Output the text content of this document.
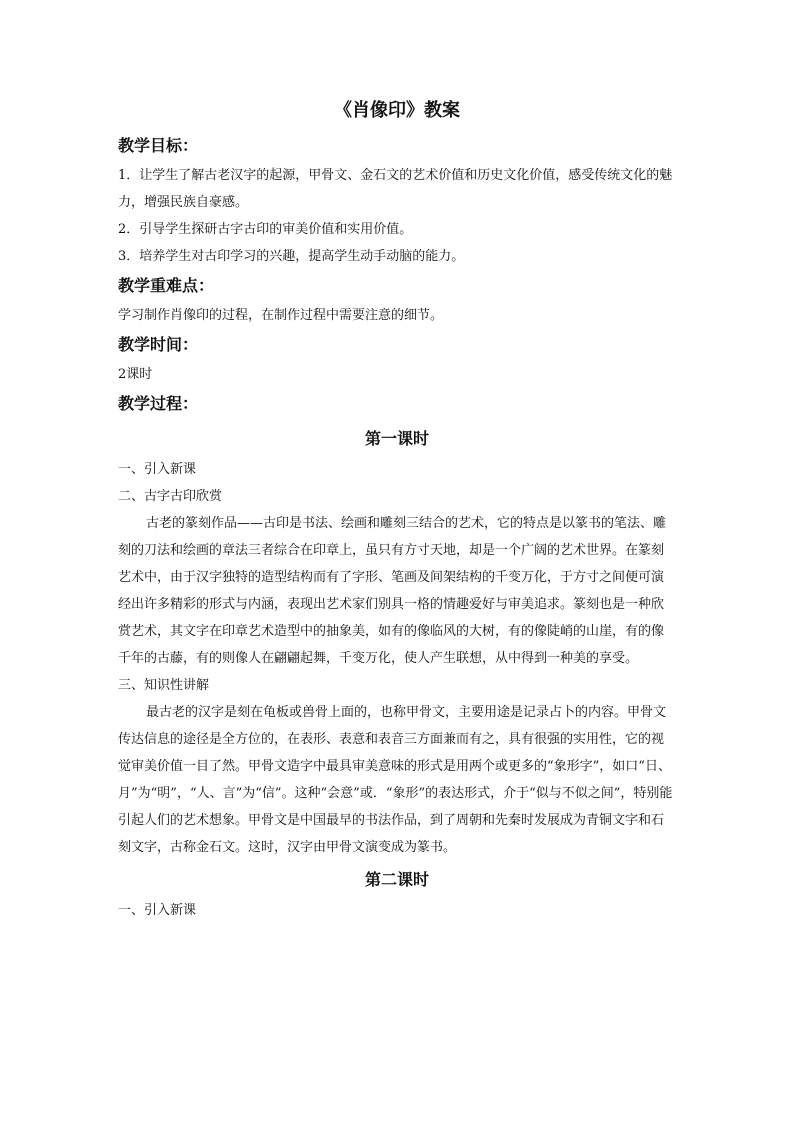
《肖像印》教案
教学目标：

1．让学生了解古老汉字的起源，甲骨文、金石文的艺术价值和历史文化价值，感受传统文化的魅力，增强民族自豪感。

2．引导学生探研古字古印的审美价值和实用价值。

3．培养学生对古印学习的兴趣，提高学生动手动脑的能力。

教学重难点：

学习制作肖像印的过程，在制作过程中需要注意的细节。

教学时间：

2课时

教学过程：
第一课时

一、引入新课

二、古字古印欣赏

古老的篆刻作品——古印是书法、绘画和雕刻三结合的艺术，它的特点是以篆书的笔法、雕刻的刀法和绘画的章法三者综合在印章上，虽只有方寸天地，却是一个广阔的艺术世界。在篆刻艺术中，由于汉字独特的造型结构而有了字形、笔画及间架结构的千变万化，于方寸之间便可演经出许多精彩的形式与内涵，表现出艺术家们别具一格的情趣爱好与审美追求。篆刻也是一种欣赏艺术，其文字在印章艺术造型中的抽象美，如有的像临风的大树，有的像陡峭的山崖，有的像千年的古藤，有的则像人在翩翩起舞，千变万化，使人产生联想，从中得到一种美的享受。

三、知识性讲解

最古老的汉字是刻在龟板或兽骨上面的，也称甲骨文，主要用途是记录占卜的内容。甲骨文传达信息的途径是全方位的，在表形、表意和表音三方面兼而有之，具有很强的实用性，它的视觉审美价值一目了然。甲骨文造字中最具审美意味的形式是用两个或更多的“象形字”，如口“日、月”为“明”，“人、言”为“信”。这种“会意”或．“象形”的表达形式，介于“似与不似之间”，特别能引起人们的艺术想象。甲骨文是中国最早的书法作品，到了周朝和先秦时发展成为青铜文字和石刻文字，古称金石文。这时，汉字由甲骨文演变成为篆书。

第二课时

一、引入新课
